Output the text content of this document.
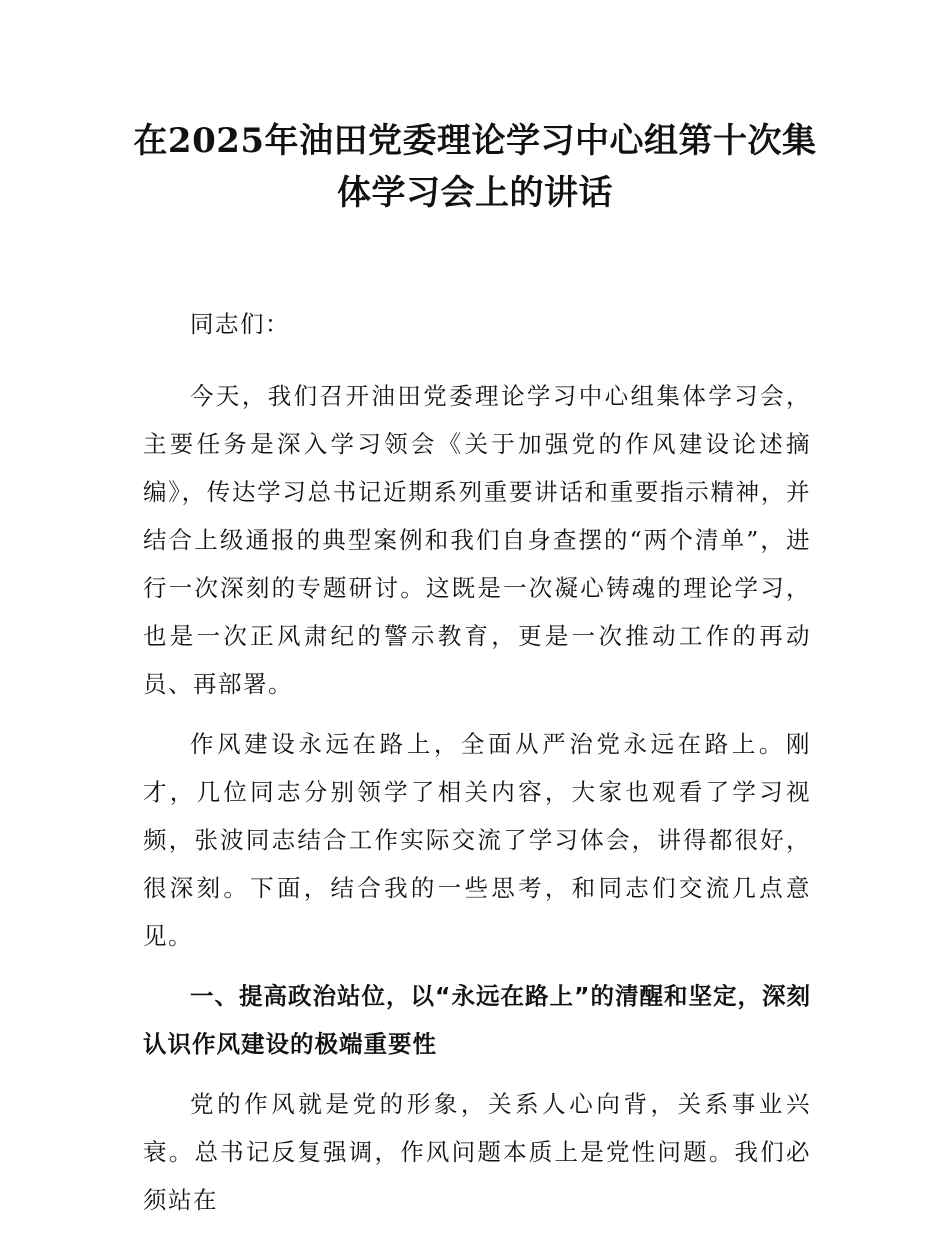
在2025年油田党委理论学习中心组第十次集体学习会上的讲话

同志们：

今天，我们召开油田党委理论学习中心组集体学习会，主要任务是深入学习领会《关于加强党的作风建设论述摘编》，传达学习总书记近期系列重要讲话和重要指示精神，并结合上级通报的典型案例和我们自身查摆的“两个清单”，进行一次深刻的专题研讨。这既是一次凝心铸魂的理论学习，也是一次正风肃纪的警示教育，更是一次推动工作的再动员、再部署。

作风建设永远在路上，全面从严治党永远在路上。刚才，几位同志分别领学了相关内容，大家也观看了学习视频，张波同志结合工作实际交流了学习体会，讲得都很好，很深刻。下面，结合我的一些思考，和同志们交流几点意见。

一、提高政治站位，以“永远在路上”的清醒和坚定，深刻认识作风建设的极端重要性

党的作风就是党的形象，关系人心向背，关系事业兴衰。总书记反复强调，作风问题本质上是党性问题。我们必须站在
